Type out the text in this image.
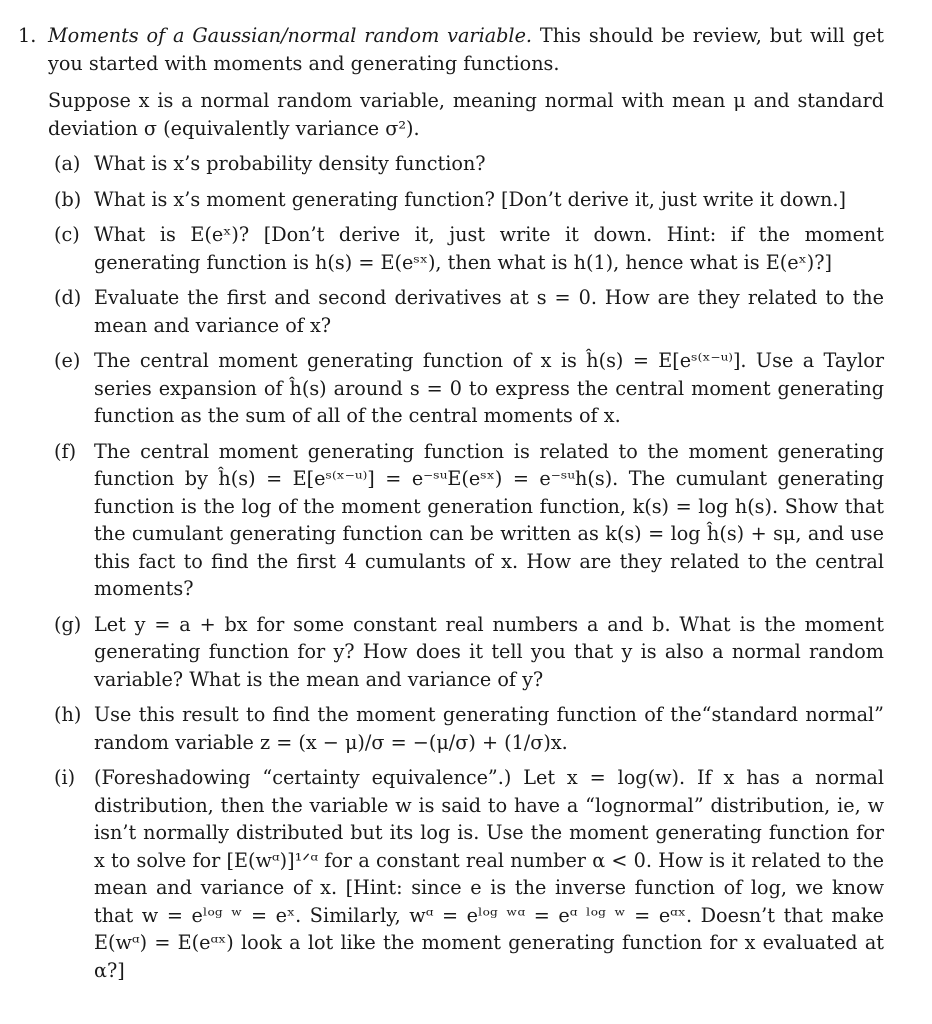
1. Moments of a Gaussian/normal random variable. This should be review, but will get you started with moments and generating functions.
Suppose x is a normal random variable, meaning normal with mean μ and standard deviation σ (equivalently variance σ²).
(a) What is x’s probability density function?
(b) What is x’s moment generating function? [Don’t derive it, just write it down.]
(c) What is E(eˣ)? [Don’t derive it, just write it down. Hint: if the moment generating function is h(s) = E(eˢˣ), then what is h(1), hence what is E(eˣ)?]
(d) Evaluate the first and second derivatives at s = 0. How are they related to the mean and variance of x?
(e) The central moment generating function of x is ĥ(s) = E[eˢ⁽ˣ⁻ᵘ⁾]. Use a Taylor series expansion of ĥ(s) around s = 0 to express the central moment generating function as the sum of all of the central moments of x.
(f) The central moment generating function is related to the moment generating function by ĥ(s) = E[eˢ⁽ˣ⁻ᵘ⁾] = e⁻ˢᵘE(eˢˣ) = e⁻ˢᵘh(s). The cumulant generating function is the log of the moment generation function, k(s) = log h(s). Show that the cumulant generating function can be written as k(s) = log ĥ(s) + sμ, and use this fact to find the first 4 cumulants of x. How are they related to the central moments?
(g) Let y = a + bx for some constant real numbers a and b. What is the moment generating function for y? How does it tell you that y is also a normal random variable? What is the mean and variance of y?
(h) Use this result to find the moment generating function of the“standard normal” random variable z = (x − μ)/σ = −(μ/σ) + (1/σ)x.
(i) (Foreshadowing “certainty equivalence”.) Let x = log(w). If x has a normal distribution, then the variable w is said to have a “lognormal” distribution, ie, w isn’t normally distributed but its log is. Use the moment generating function for x to solve for [E(wᵅ)]¹ᐟᵅ for a constant real number α < 0. How is it related to the mean and variance of x. [Hint: since e is the inverse function of log, we know that w = eˡᵒᵍ ʷ = eˣ. Similarly, wᵅ = eˡᵒᵍ ʷᵅ = eᵅ ˡᵒᵍ ʷ = eᵅˣ. Doesn’t that make E(wᵅ) = E(eᵅˣ) look a lot like the moment generating function for x evaluated at α?]
